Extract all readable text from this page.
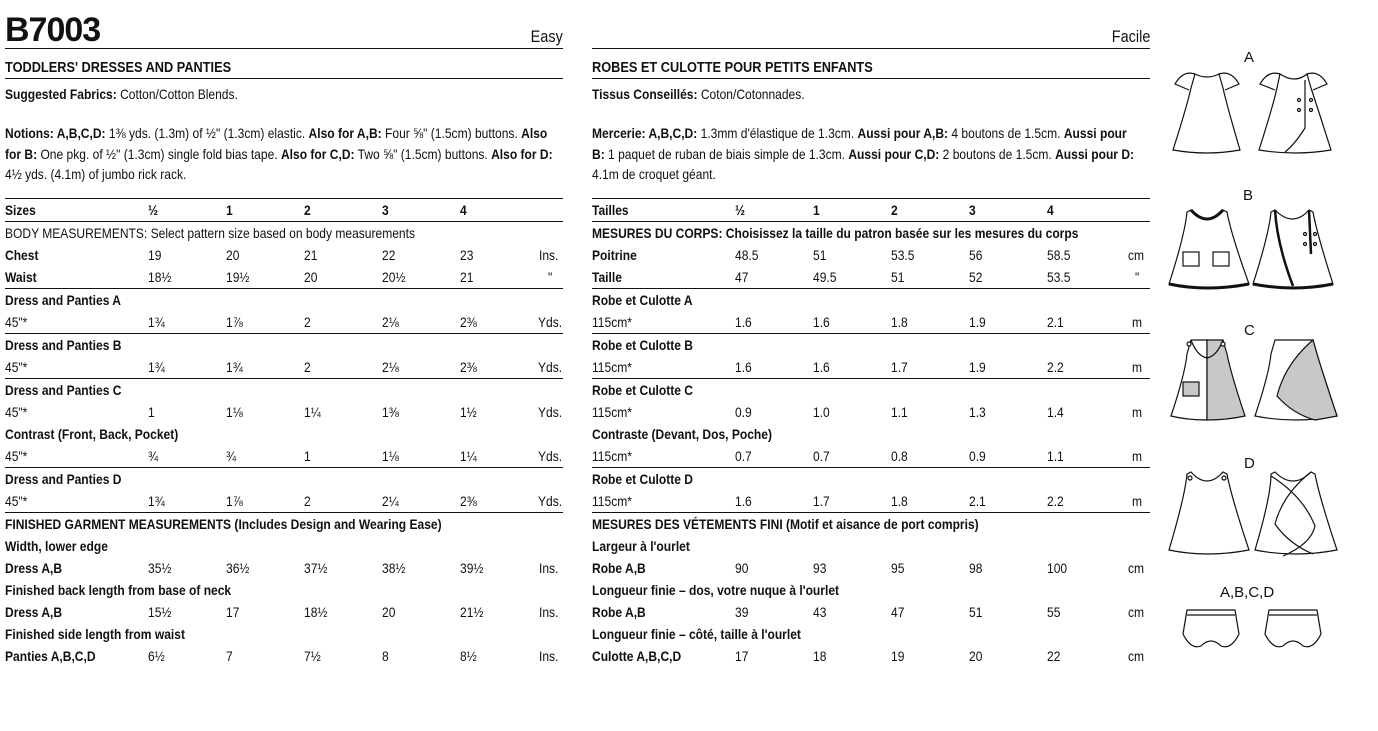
B7003	Easy
TODDLERS' DRESSES AND PANTIES
Suggested Fabrics: Cotton/Cotton Blends.
Notions: A,B,C,D: 1⅜ yds. (1.3m) of ½" (1.3cm) elastic. Also for A,B: Four ⅝" (1.5cm) buttons. Also
for B: One pkg. of ½" (1.3cm) single fold bias tape. Also for C,D: Two ⅝" (1.5cm) buttons. Also for D:
4½ yds. (4.1m) of jumbo rick rack.
Sizes	½	1	2	3	4	
BODY MEASUREMENTS: Select pattern size based on body measurements						
Chest	19	20	21	22	23	Ins.
Waist	18½	19½	20	20½	21	"
Dress and Panties A						
45"*	1¾	1⅞	2	2⅛	2⅜	Yds.
Dress and Panties B						
45"*	1¾	1¾	2	2⅛	2⅜	Yds.
Dress and Panties C						
45"*	1	1⅛	1¼	1⅜	1½	Yds.
Contrast (Front, Back, Pocket)						
45"*	¾	¾	1	1⅛	1¼	Yds.
Dress and Panties D						
45"*	1¾	1⅞	2	2¼	2⅜	Yds.
FINISHED GARMENT MEASUREMENTS (Includes Design and Wearing Ease)						
Width, lower edge						
Dress A,B	35½	36½	37½	38½	39½	Ins.
Finished back length from base of neck						
Dress A,B	15½	17	18½	20	21½	Ins.
Finished side length from waist						
Panties A,B,C,D	6½	7	7½	8	8½	Ins.
Facile
ROBES ET CULOTTE POUR PETITS ENFANTS
Tissus Conseillés: Coton/Cotonnades.
Mercerie: A,B,C,D: 1.3mm d'élastique de 1.3cm. Aussi pour A,B: 4 boutons de 1.5cm. Aussi pour
B: 1 paquet de ruban de biais simple de 1.3cm. Aussi pour C,D: 2 boutons de 1.5cm. Aussi pour D:
4.1m de croquet géant.
Tailles	½	1	2	3	4	
MESURES DU CORPS: Choisissez la taille du patron basée sur les mesures du corps						
Poitrine	48.5	51	53.5	56	58.5	cm
Taille	47	49.5	51	52	53.5	"
Robe et Culotte A						
115cm*	1.6	1.6	1.8	1.9	2.1	m
Robe et Culotte B						
115cm*	1.6	1.6	1.7	1.9	2.2	m
Robe et Culotte C						
115cm*	0.9	1.0	1.1	1.3	1.4	m
Contraste (Devant, Dos, Poche)						
115cm*	0.7	0.7	0.8	0.9	1.1	m
Robe et Culotte D						
115cm*	1.6	1.7	1.8	2.1	2.2	m
MESURES DES VÉTEMENTS FINI (Motif et aisance de port compris)						
Largeur à l'ourlet						
Robe A,B	90	93	95	98	100	cm
Longueur finie – dos, votre nuque à l'ourlet						
Robe A,B	39	43	47	51	55	cm
Longueur finie – côté, taille à l'ourlet						
Culotte A,B,C,D	17	18	19	20	22	cm
A
B
C
D
A,B,C,D
